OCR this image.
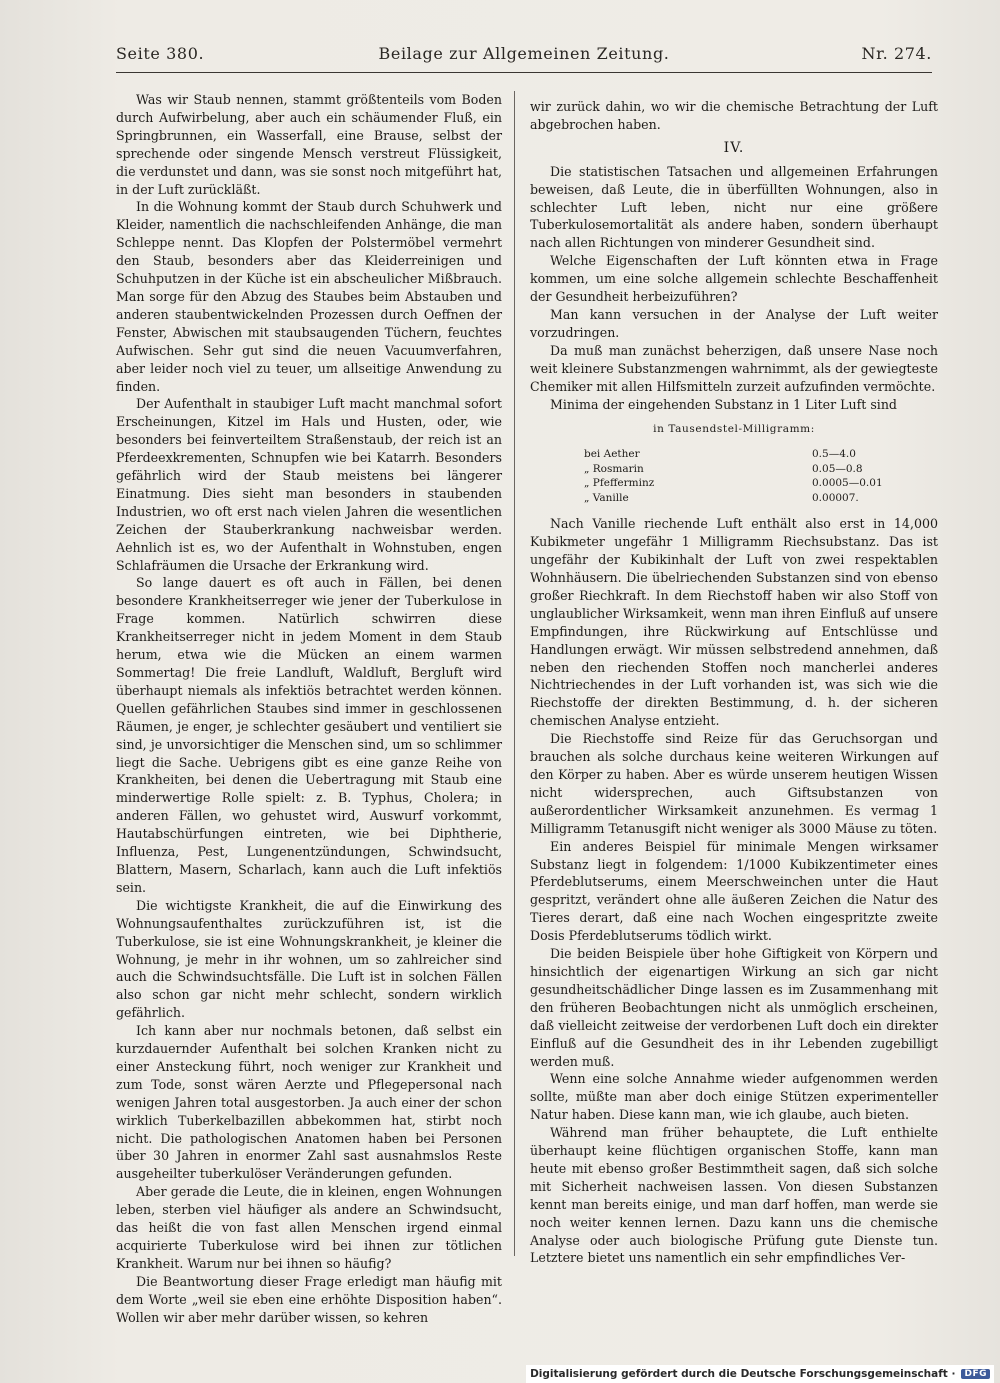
Seite 380.	Beilage zur Allgemeinen Zeitung.	Nr. 274.

Was wir Staub nennen, stammt größtenteils vom Boden durch Aufwirbelung, aber auch ein schäumender Fluß, ein Springbrunnen, ein Wasserfall, eine Brause, selbst der sprechende oder singende Mensch verstreut Flüssigkeit, die verdunstet und dann, was sie sonst noch mitgeführt hat, in der Luft zurückläßt.

In die Wohnung kommt der Staub durch Schuhwerk und Kleider, namentlich die nachschleifenden Anhänge, die man Schleppe nennt. Das Klopfen der Polstermöbel vermehrt den Staub, besonders aber das Kleiderreinigen und Schuhputzen in der Küche ist ein abscheulicher Mißbrauch. Man sorge für den Abzug des Staubes beim Abstauben und anderen staubentwickelnden Prozessen durch Oeffnen der Fenster, Abwischen mit staubsaugenden Tüchern, feuchtes Aufwischen. Sehr gut sind die neuen Vacuumverfahren, aber leider noch viel zu teuer, um allseitige Anwendung zu finden.

Der Aufenthalt in staubiger Luft macht manchmal sofort Erscheinungen, Kitzel im Hals und Husten, oder, wie besonders bei feinverteiltem Straßenstaub, der reich ist an Pferdeexkrementen, Schnupfen wie bei Katarrh. Besonders gefährlich wird der Staub meistens bei längerer Einatmung. Dies sieht man besonders in staubenden Industrien, wo oft erst nach vielen Jahren die wesentlichen Zeichen der Stauberkrankung nachweisbar werden. Aehnlich ist es, wo der Aufenthalt in Wohnstuben, engen Schlafräumen die Ursache der Erkrankung wird.

So lange dauert es oft auch in Fällen, bei denen besondere Krankheitserreger wie jener der Tuberkulose in Frage kommen. Natürlich schwirren diese Krankheitserreger nicht in jedem Moment in dem Staub herum, etwa wie die Mücken an einem warmen Sommertag! Die freie Landluft, Waldluft, Bergluft wird überhaupt niemals als infektiös betrachtet werden können. Quellen gefährlichen Staubes sind immer in geschlossenen Räumen, je enger, je schlechter gesäubert und ventiliert sie sind, je unvorsichtiger die Menschen sind, um so schlimmer liegt die Sache. Uebrigens gibt es eine ganze Reihe von Krankheiten, bei denen die Uebertragung mit Staub eine minderwertige Rolle spielt: z. B. Typhus, Cholera; in anderen Fällen, wo gehustet wird, Auswurf vorkommt, Hautabschürfungen eintreten, wie bei Diphtherie, Influenza, Pest, Lungenentzündungen, Schwindsucht, Blattern, Masern, Scharlach, kann auch die Luft infektiös sein.

Die wichtigste Krankheit, die auf die Einwirkung des Wohnungsaufenthaltes zurückzuführen ist, ist die Tuberkulose, sie ist eine Wohnungskrankheit, je kleiner die Wohnung, je mehr in ihr wohnen, um so zahlreicher sind auch die Schwindsuchtsfälle. Die Luft ist in solchen Fällen also schon gar nicht mehr schlecht, sondern wirklich gefährlich.

Ich kann aber nur nochmals betonen, daß selbst ein kurzdauernder Aufenthalt bei solchen Kranken nicht zu einer Ansteckung führt, noch weniger zur Krankheit und zum Tode, sonst wären Aerzte und Pflegepersonal nach wenigen Jahren total ausgestorben. Ja auch einer der schon wirklich Tuberkelbazillen abbekommen hat, stirbt noch nicht. Die pathologischen Anatomen haben bei Personen über 30 Jahren in enormer Zahl sast ausnahmslos Reste ausgeheilter tuberkulöser Veränderungen gefunden.

Aber gerade die Leute, die in kleinen, engen Wohnungen leben, sterben viel häufiger als andere an Schwindsucht, das heißt die von fast allen Menschen irgend einmal acquirierte Tuberkulose wird bei ihnen zur tötlichen Krankheit. Warum nur bei ihnen so häufig?

Die Beantwortung dieser Frage erledigt man häufig mit dem Worte „weil sie eben eine erhöhte Disposition haben“. Wollen wir aber mehr darüber wissen, so kehren

wir zurück dahin, wo wir die chemische Betrachtung der Luft abgebrochen haben.

IV.

Die statistischen Tatsachen und allgemeinen Erfahrungen beweisen, daß Leute, die in überfüllten Wohnungen, also in schlechter Luft leben, nicht nur eine größere Tuberkulosemortalität als andere haben, sondern überhaupt nach allen Richtungen von minderer Gesundheit sind.

Welche Eigenschaften der Luft könnten etwa in Frage kommen, um eine solche allgemein schlechte Beschaffenheit der Gesundheit herbeizuführen?

Man kann versuchen in der Analyse der Luft weiter vorzudringen.

Da muß man zunächst beherzigen, daß unsere Nase noch weit kleinere Substanzmengen wahrnimmt, als der gewiegteste Chemiker mit allen Hilfsmitteln zurzeit aufzufinden vermöchte.

Minima der eingehenden Substanz in 1 Liter Luft sind

in Tausendstel-Milligramm:
bei Aether	0.5—4.0
„ Rosmarin	0.05—0.8
„ Pfefferminz	0.0005—0.01
„ Vanille	0.00007.

Nach Vanille riechende Luft enthält also erst in 14,000 Kubikmeter ungefähr 1 Milligramm Riechsubstanz. Das ist ungefähr der Kubikinhalt der Luft von zwei respektablen Wohnhäusern. Die übelriechenden Substanzen sind von ebenso großer Riechkraft. In dem Riechstoff haben wir also Stoff von unglaublicher Wirksamkeit, wenn man ihren Einfluß auf unsere Empfindungen, ihre Rückwirkung auf Entschlüsse und Handlungen erwägt. Wir müssen selbstredend annehmen, daß neben den riechenden Stoffen noch mancherlei anderes Nichtriechendes in der Luft vorhanden ist, was sich wie die Riechstoffe der direkten Bestimmung, d. h. der sicheren chemischen Analyse entzieht.

Die Riechstoffe sind Reize für das Geruchsorgan und brauchen als solche durchaus keine weiteren Wirkungen auf den Körper zu haben. Aber es würde unserem heutigen Wissen nicht widersprechen, auch Giftsubstanzen von außerordentlicher Wirksamkeit anzunehmen. Es vermag 1 Milligramm Tetanusgift nicht weniger als 3000 Mäuse zu töten.

Ein anderes Beispiel für minimale Mengen wirksamer Substanz liegt in folgendem: 1/1000 Kubikzentimeter eines Pferdeblutserums, einem Meerschweinchen unter die Haut gespritzt, verändert ohne alle äußeren Zeichen die Natur des Tieres derart, daß eine nach Wochen eingespritzte zweite Dosis Pferdeblutserums tödlich wirkt.

Die beiden Beispiele über hohe Giftigkeit von Körpern und hinsichtlich der eigenartigen Wirkung an sich gar nicht gesundheitschädlicher Dinge lassen es im Zusammenhang mit den früheren Beobachtungen nicht als unmöglich erscheinen, daß vielleicht zeitweise der verdorbenen Luft doch ein direkter Einfluß auf die Gesundheit des in ihr Lebenden zugebilligt werden muß.

Wenn eine solche Annahme wieder aufgenommen werden sollte, müßte man aber doch einige Stützen experimenteller Natur haben. Diese kann man, wie ich glaube, auch bieten.

Während man früher behauptete, die Luft enthielte überhaupt keine flüchtigen organischen Stoffe, kann man heute mit ebenso großer Bestimmtheit sagen, daß sich solche mit Sicherheit nachweisen lassen. Von diesen Substanzen kennt man bereits einige, und man darf hoffen, man werde sie noch weiter kennen lernen. Dazu kann uns die chemische Analyse oder auch biologische Prüfung gute Dienste tun. Letztere bietet uns namentlich ein sehr empfindliches Ver-

Digitalisierung gefördert durch die Deutsche Forschungsgemeinschaft ·	DFG
